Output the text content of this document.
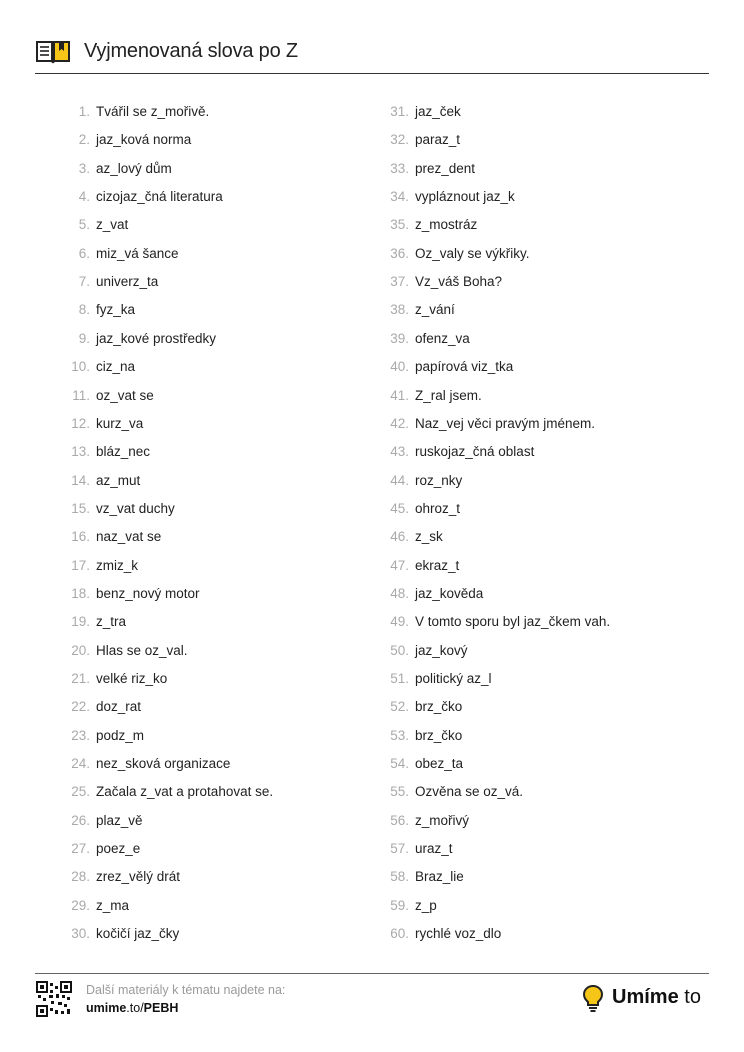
Vyjmenovaná slova po Z
1. Tvářil se z_mořivě.
2. jaz_ková norma
3. az_lový dům
4. cizojaz_čná literatura
5. z_vat
6. miz_vá šance
7. univerz_ta
8. fyz_ka
9. jaz_kové prostředky
10. ciz_na
11. oz_vat se
12. kurz_va
13. bláz_nec
14. az_mut
15. vz_vat duchy
16. naz_vat se
17. zmiz_k
18. benz_nový motor
19. z_tra
20. Hlas se oz_val.
21. velké riz_ko
22. doz_rat
23. podz_m
24. nez_sková organizace
25. Začala z_vat a protahovat se.
26. plaz_vě
27. poez_e
28. zrez_vělý drát
29. z_ma
30. kočičí jaz_čky
31. jaz_ček
32. paraz_t
33. prez_dent
34. vypláznout jaz_k
35. z_mostráz
36. Oz_valy se výkřiky.
37. Vz_váš Boha?
38. z_vání
39. ofenz_va
40. papírová viz_tka
41. Z_ral jsem.
42. Naz_vej věci pravým jménem.
43. ruskojaz_čná oblast
44. roz_nky
45. ohroz_t
46. z_sk
47. ekraz_t
48. jaz_kověda
49. V tomto sporu byl jaz_čkem vah.
50. jaz_kový
51. politický az_l
52. brz_čko
53. brz_čko
54. obez_ta
55. Ozvěna se oz_vá.
56. z_mořivý
57. uraz_t
58. Braz_lie
59. z_p
60. rychlé voz_dlo
Další materiály k tématu najdete na:
umime.to/PEBH	Umíme to
